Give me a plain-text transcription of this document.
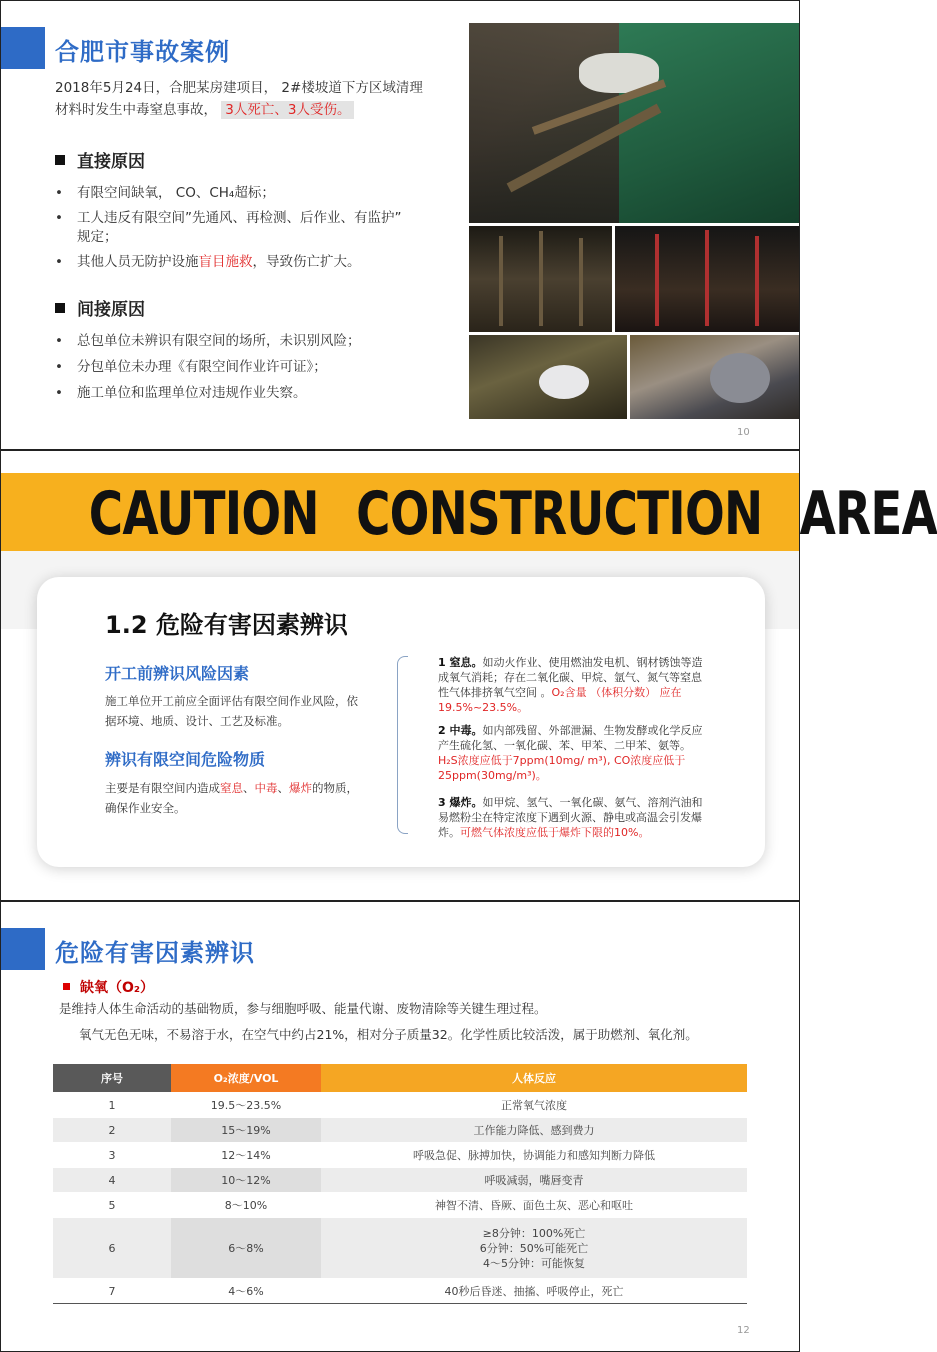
合肥市事故案例
2018年5月24日，合肥某房建项目， 2#楼坡道下方区域清理
材料时发生中毒窒息事故， 3人死亡、3人受伤。
直接原因
• 有限空间缺氧， CO、CH₄超标；
• 工人违反有限空间”先通风、再检测、后作业、有监护”
规定；
• 其他人员无防护设施盲目施救，导致伤亡扩大。
间接原因
• 总包单位未辨识有限空间的场所，未识别风险；
• 分包单位未办理《有限空间作业许可证》；
• 施工单位和监理单位对违规作业失察。
10
CAUTION CONSTRUCTION AREA
1.2 危险有害因素辨识
开工前辨识风险因素
施工单位开工前应全面评估有限空间作业风险，依
据环境、地质、设计、工艺及标准。
辨识有限空间危险物质
主要是有限空间内造成窒息、中毒、爆炸的物质，
确保作业安全。
1 窒息。如动火作业、使用燃油发电机、钢材锈蚀等造
成氧气消耗；存在二氧化碳、甲烷、氩气、氮气等窒息
性气体排挤氧气空间 。O₂含量 （体积分数） 应在
19.5%~23.5%。
2 中毒。如内部残留、外部泄漏、生物发酵或化学反应
产生硫化氢、一氧化碳、苯、甲苯、二甲苯、氨等。
H₂S浓度应低于7ppm(10mg/ m³), CO浓度应低于
25ppm(30mg/m³)。
3 爆炸。如甲烷、氢气、一氧化碳、氨气、溶剂汽油和
易燃粉尘在特定浓度下遇到火源、静电或高温会引发爆
炸。可燃气体浓度应低于爆炸下限的10%。
危险有害因素辨识
缺氧（O₂）
是维持人体生命活动的基础物质，参与细胞呼吸、能量代谢、废物清除等关键生理过程。
氧气无色无味，不易溶于水，在空气中约占21%，相对分子质量32。化学性质比较活泼，属于助燃剂、氧化剂。
序号	O₂浓度/VOL	人体反应
1	19.5～23.5%	正常氧气浓度
2	15～19%	工作能力降低、感到费力
3	12～14%	呼吸急促、脉搏加快，协调能力和感知判断力降低
4	10～12%	呼吸减弱，嘴唇变青
5	8～10%	神智不清、昏厥、面色土灰、恶心和呕吐
6	6～8%	≥8分钟：100%死亡
6分钟：50%可能死亡
4～5分钟：可能恢复

7	4～6%	40秒后昏迷、抽搐、呼吸停止，死亡
12
